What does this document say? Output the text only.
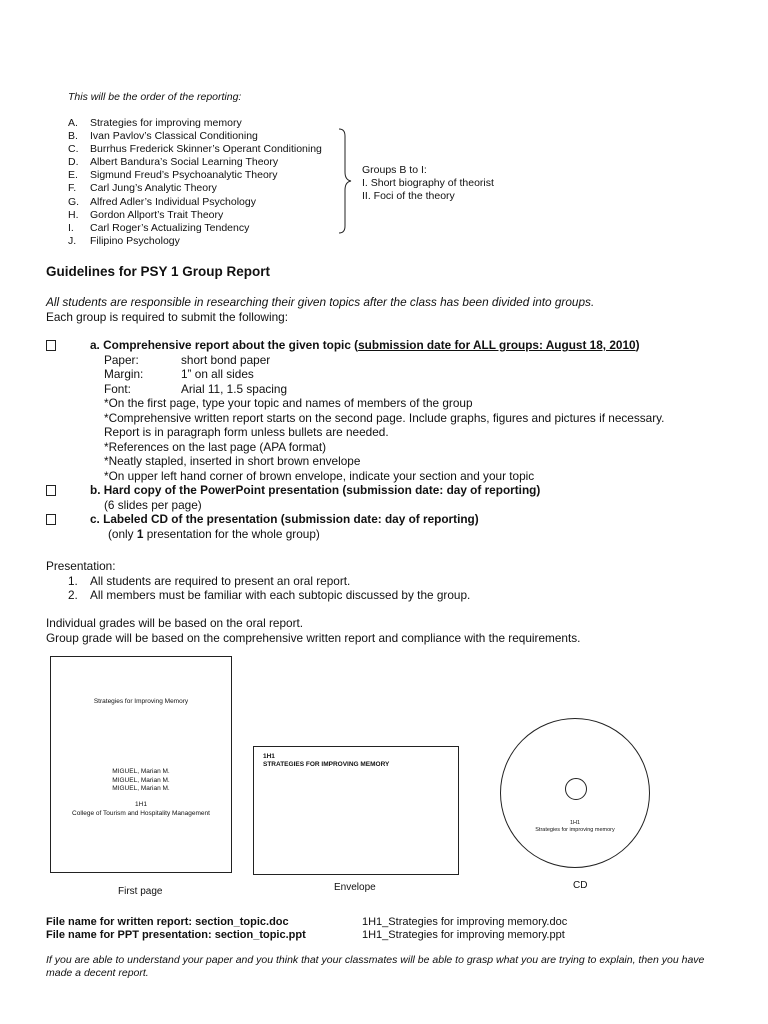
This will be the order of the reporting:
A. Strategies for improving memory
B. Ivan Pavlov’s Classical Conditioning
C. Burrhus Frederick Skinner’s Operant Conditioning
D. Albert Bandura’s Social Learning Theory
E. Sigmund Freud’s Psychoanalytic Theory
F. Carl Jung’s Analytic Theory
G. Alfred Adler’s Individual Psychology
H. Gordon Allport’s Trait Theory
I. Carl Roger’s Actualizing Tendency
J. Filipino Psychology
Groups B to I:
I. Short biography of theorist
II. Foci of the theory
Guidelines for PSY 1 Group Report
All students are responsible in researching their given topics after the class has been divided into groups.
Each group is required to submit the following:
a. Comprehensive report about the given topic (submission date for ALL groups: August 18, 2010)
Paper:	short bond paper
Margin:	1” on all sides
Font:	Arial 11, 1.5 spacing
*On the first page, type your topic and names of members of the group
*Comprehensive written report starts on the second page. Include graphs, figures and pictures if necessary.
Report is in paragraph form unless bullets are needed.
*References on the last page (APA format)
*Neatly stapled, inserted in short brown envelope
*On upper left hand corner of brown envelope, indicate your section and your topic
b. Hard copy of the PowerPoint presentation (submission date: day of reporting)
(6 slides per page)
c. Labeled CD of the presentation (submission date: day of reporting)
(only 1 presentation for the whole group)
Presentation:
1. All students are required to present an oral report.
2. All members must be familiar with each subtopic discussed by the group.
Individual grades will be based on the oral report.
Group grade will be based on the comprehensive written report and compliance with the requirements.
Strategies for Improving Memory
MIGUEL, Marian M.
MIGUEL, Marian M.
MIGUEL, Marian M.
1H1
College of Tourism and Hospitality Management
1H1
STRATEGIES FOR IMPROVING MEMORY
1H1
Strategies for improving memory
First page	Envelope	CD
File name for written report: section_topic.doc	1H1_Strategies for improving memory.doc
File name for PPT presentation: section_topic.ppt	1H1_Strategies for improving memory.ppt
If you are able to understand your paper and you think that your classmates will be able to grasp what you are trying to explain, then you have made a decent report.
